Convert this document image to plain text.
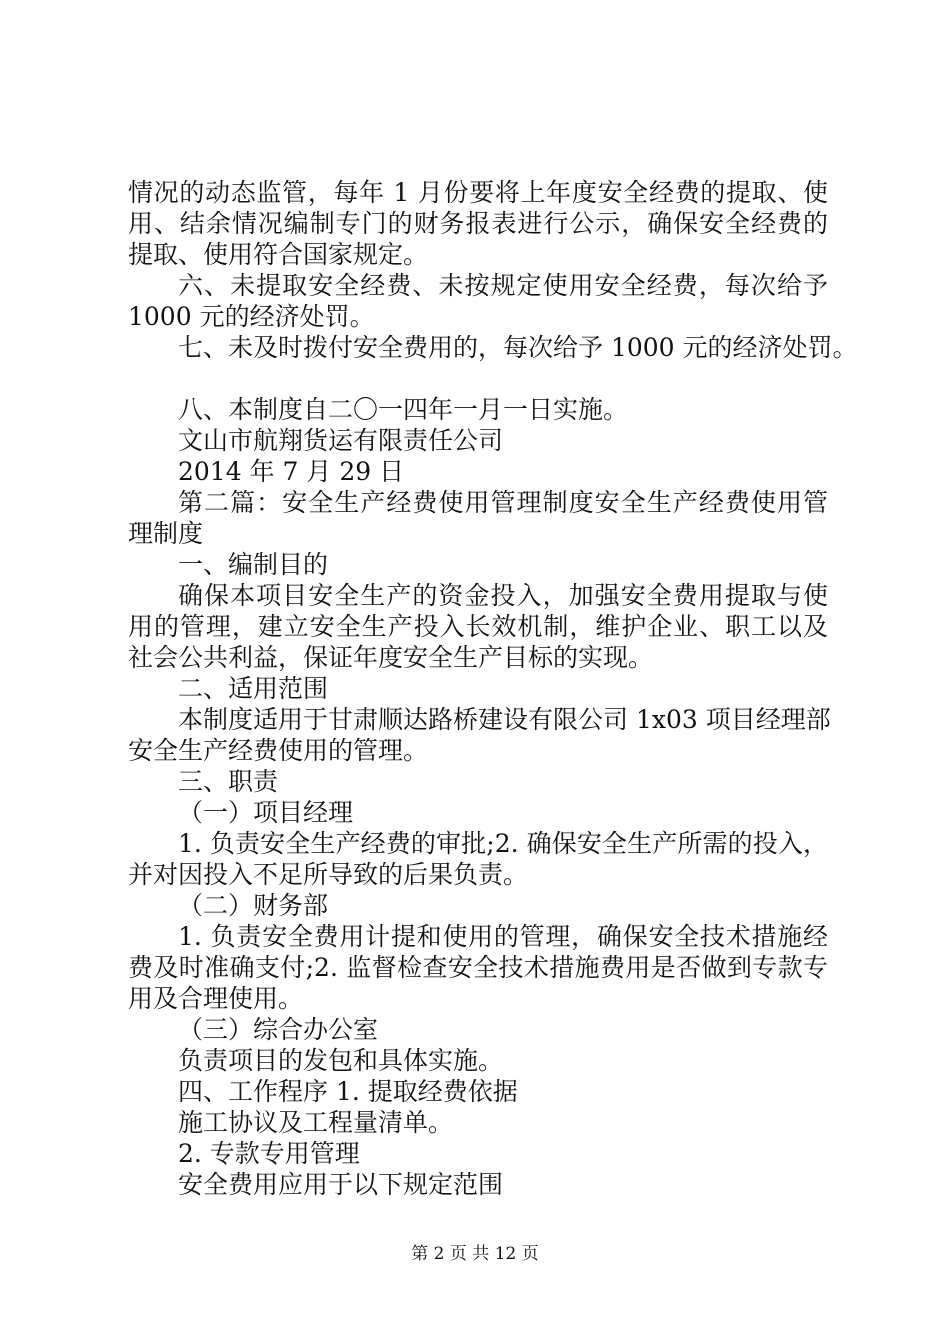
情况的动态监管，每年 1 月份要将上年度安全经费的提取、使
用、结余情况编制专门的财务报表进行公示，确保安全经费的
提取、使用符合国家规定。
六、未提取安全经费、未按规定使用安全经费，每次给予
1000 元的经济处罚。
七、未及时拨付安全费用的，每次给予 1000 元的经济处罚。
八、本制度自二〇一四年一月一日实施。
文山市航翔货运有限责任公司
2014 年 7 月 29 日
第二篇：安全生产经费使用管理制度安全生产经费使用管
理制度
一、编制目的
确保本项目安全生产的资金投入，加强安全费用提取与使
用的管理，建立安全生产投入长效机制，维护企业、职工以及
社会公共利益，保证年度安全生产目标的实现。
二、适用范围
本制度适用于甘肃顺达路桥建设有限公司 1x03 项目经理部
安全生产经费使用的管理。
三、职责
（一）项目经理
1. 负责安全生产经费的审批;2. 确保安全生产所需的投入，
并对因投入不足所导致的后果负责。
（二）财务部
1. 负责安全费用计提和使用的管理，确保安全技术措施经
费及时准确支付;2. 监督检查安全技术措施费用是否做到专款专
用及合理使用。
（三）综合办公室
负责项目的发包和具体实施。
四、工作程序 1. 提取经费依据
施工协议及工程量清单。
2. 专款专用管理
安全费用应用于以下规定范围
第 2 页 共 12 页
